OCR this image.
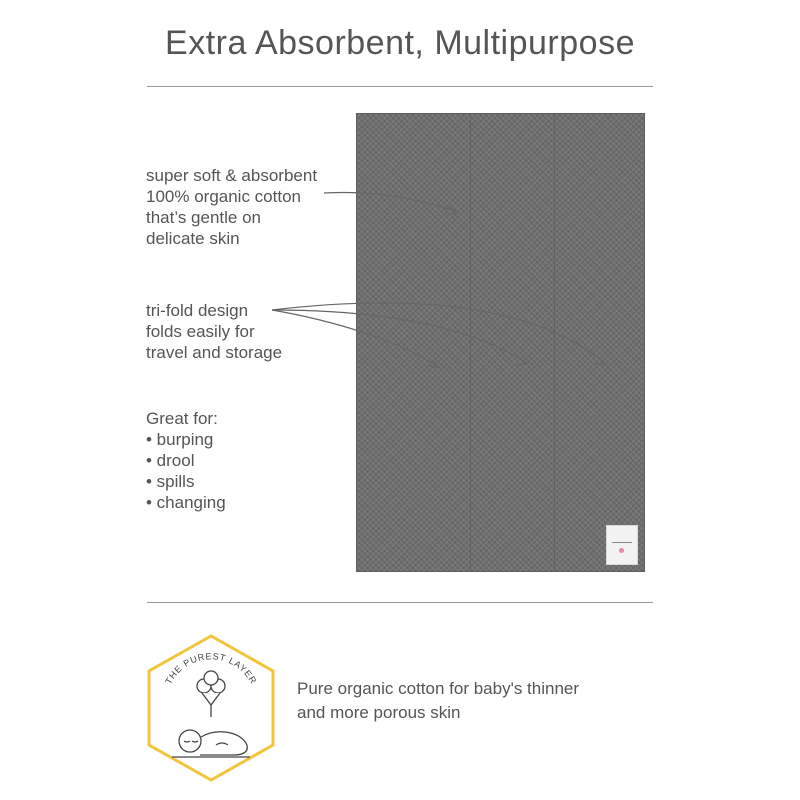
Extra Absorbent, Multipurpose
super soft & absorbent
100% organic cotton
that’s gentle on
delicate skin
tri-fold design
folds easily for
travel and storage
Great for:
• burping
• drool
• spills
• changing
THE PUREST LAYER Pure organic cotton for baby's thinner
and more porous skin
